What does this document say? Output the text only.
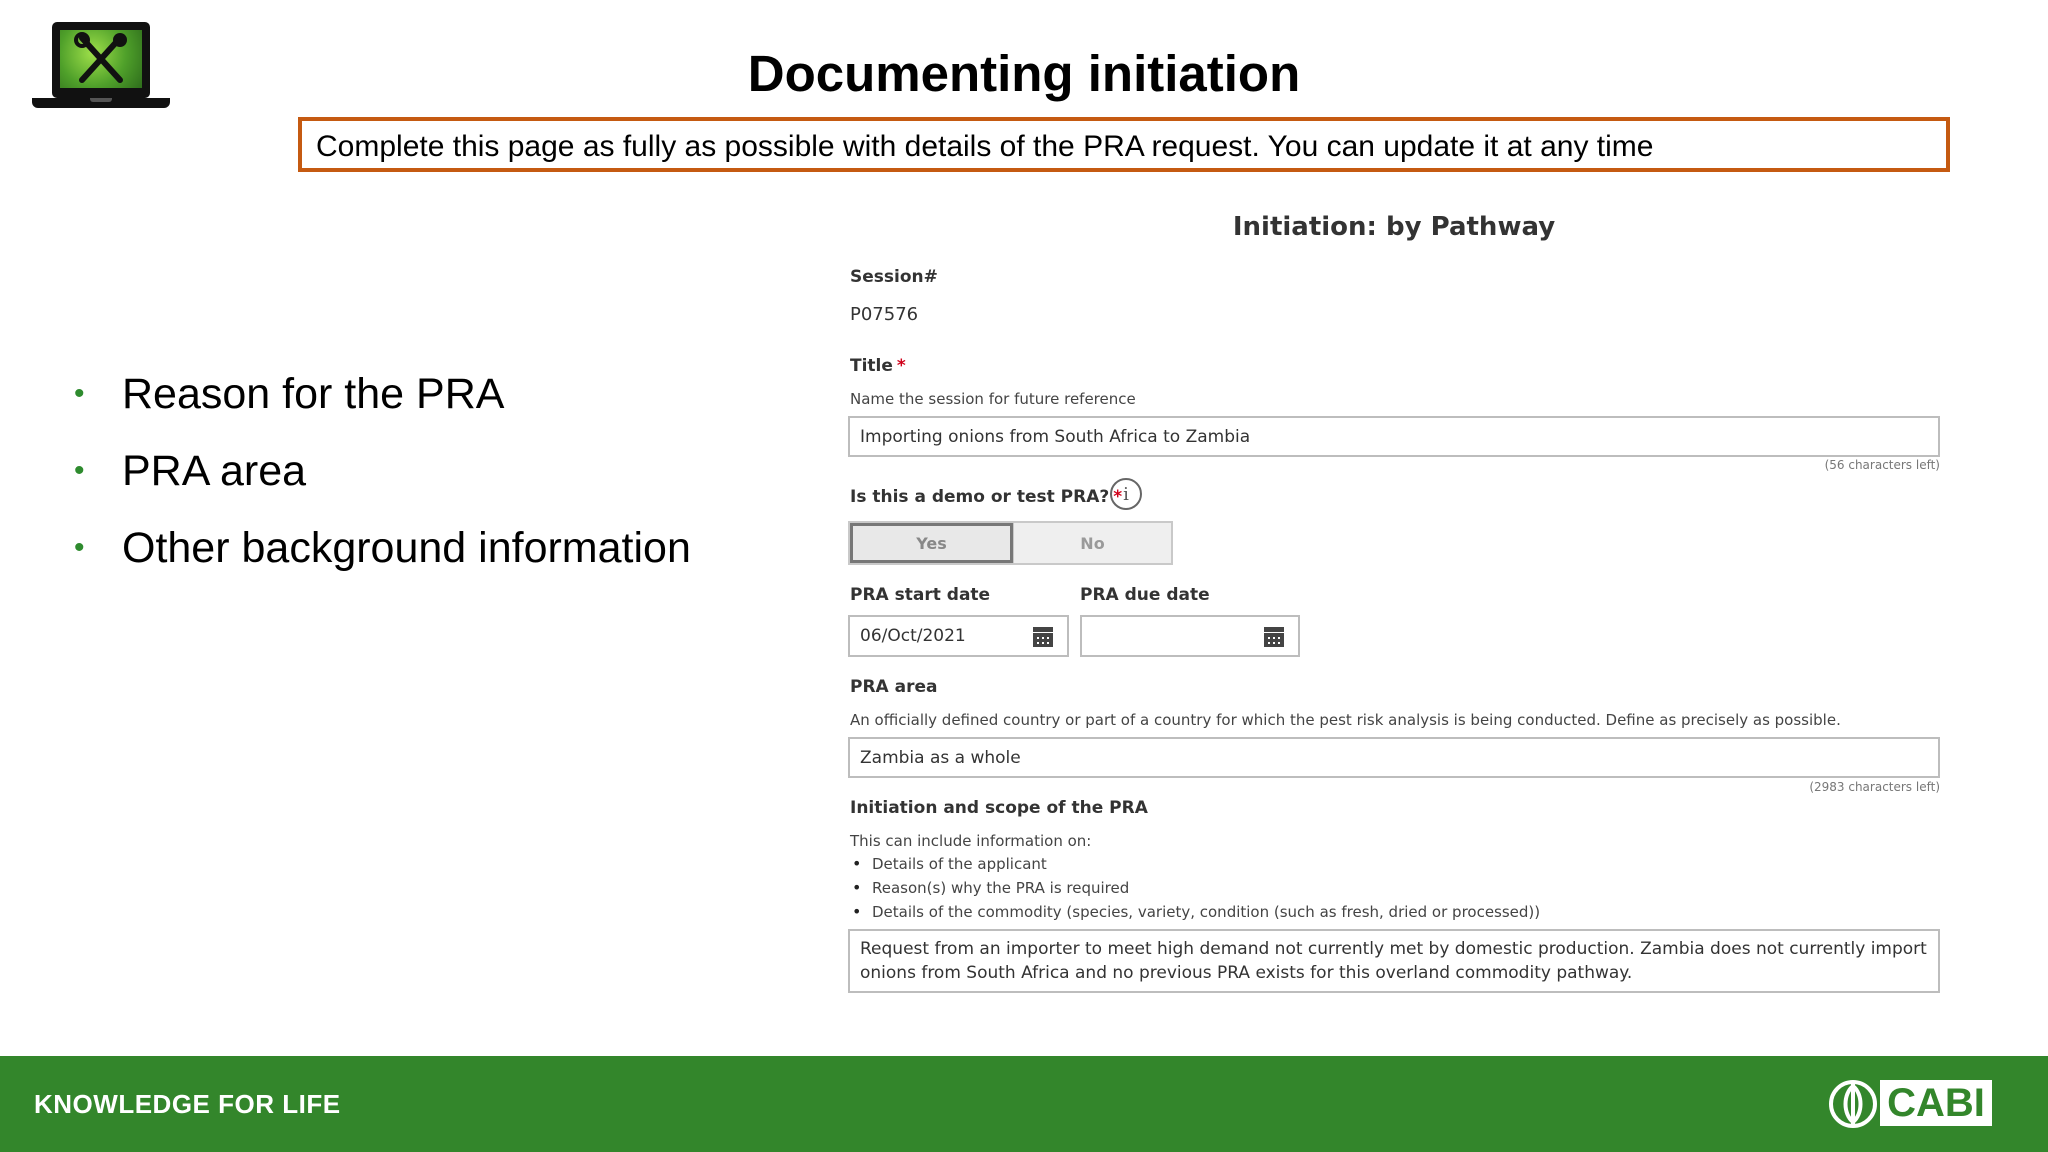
Documenting initiation
Complete this page as fully as possible with details of the PRA request. You can update it at any time
• Reason for the PRA
• PRA area
• Other background information
Initiation: by Pathway
Session#
P07576
Title *
Name the session for future reference
Importing onions from South Africa to Zambia
(56 characters left)
Is this a demo or test PRA? * i
Yes	No
PRA start date	PRA due date
06/Oct/2021
PRA area
An officially defined country or part of a country for which the pest risk analysis is being conducted. Define as precisely as possible.
Zambia as a whole
(2983 characters left)
Initiation and scope of the PRA
This can include information on:
• Details of the applicant
• Reason(s) why the PRA is required
• Details of the commodity (species, variety, condition (such as fresh, dried or processed))
Request from an importer to meet high demand not currently met by domestic production. Zambia does not currently import onions from South Africa and no previous PRA exists for this overland commodity pathway.
KNOWLEDGE FOR LIFE	CABI
